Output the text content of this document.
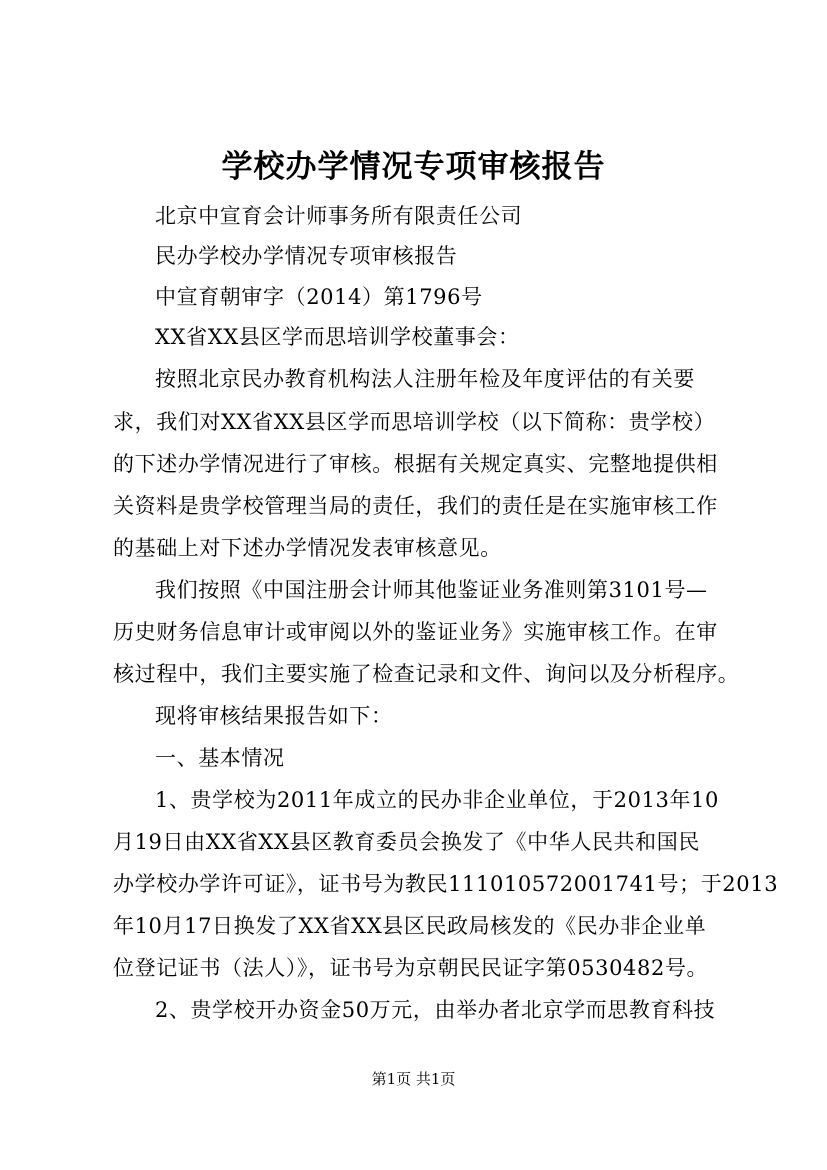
学校办学情况专项审核报告
北京中宣育会计师事务所有限责任公司
民办学校办学情况专项审核报告
中宣育朝审字（2014）第1796号
XX省XX县区学而思培训学校董事会：
按照北京民办教育机构法人注册年检及年度评估的有关要
求，我们对XX省XX县区学而思培训学校（以下简称：贵学校）
的下述办学情况进行了审核。根据有关规定真实、完整地提供相
关资料是贵学校管理当局的责任，我们的责任是在实施审核工作
的基础上对下述办学情况发表审核意见。
我们按照《中国注册会计师其他鉴证业务准则第3101号—
历史财务信息审计或审阅以外的鉴证业务》实施审核工作。在审
核过程中，我们主要实施了检查记录和文件、询问以及分析程序。
现将审核结果报告如下：
一、基本情况
1、贵学校为2011年成立的民办非企业单位，于2013年10
月19日由XX省XX县区教育委员会换发了《中华人民共和国民
办学校办学许可证》，证书号为教民111010572001741号；于2013
年10月17日换发了XX省XX县区民政局核发的《民办非企业单
位登记证书（法人）》，证书号为京朝民民证字第0530482号。
2、贵学校开办资金50万元，由举办者北京学而思教育科技
第1页 共1页
